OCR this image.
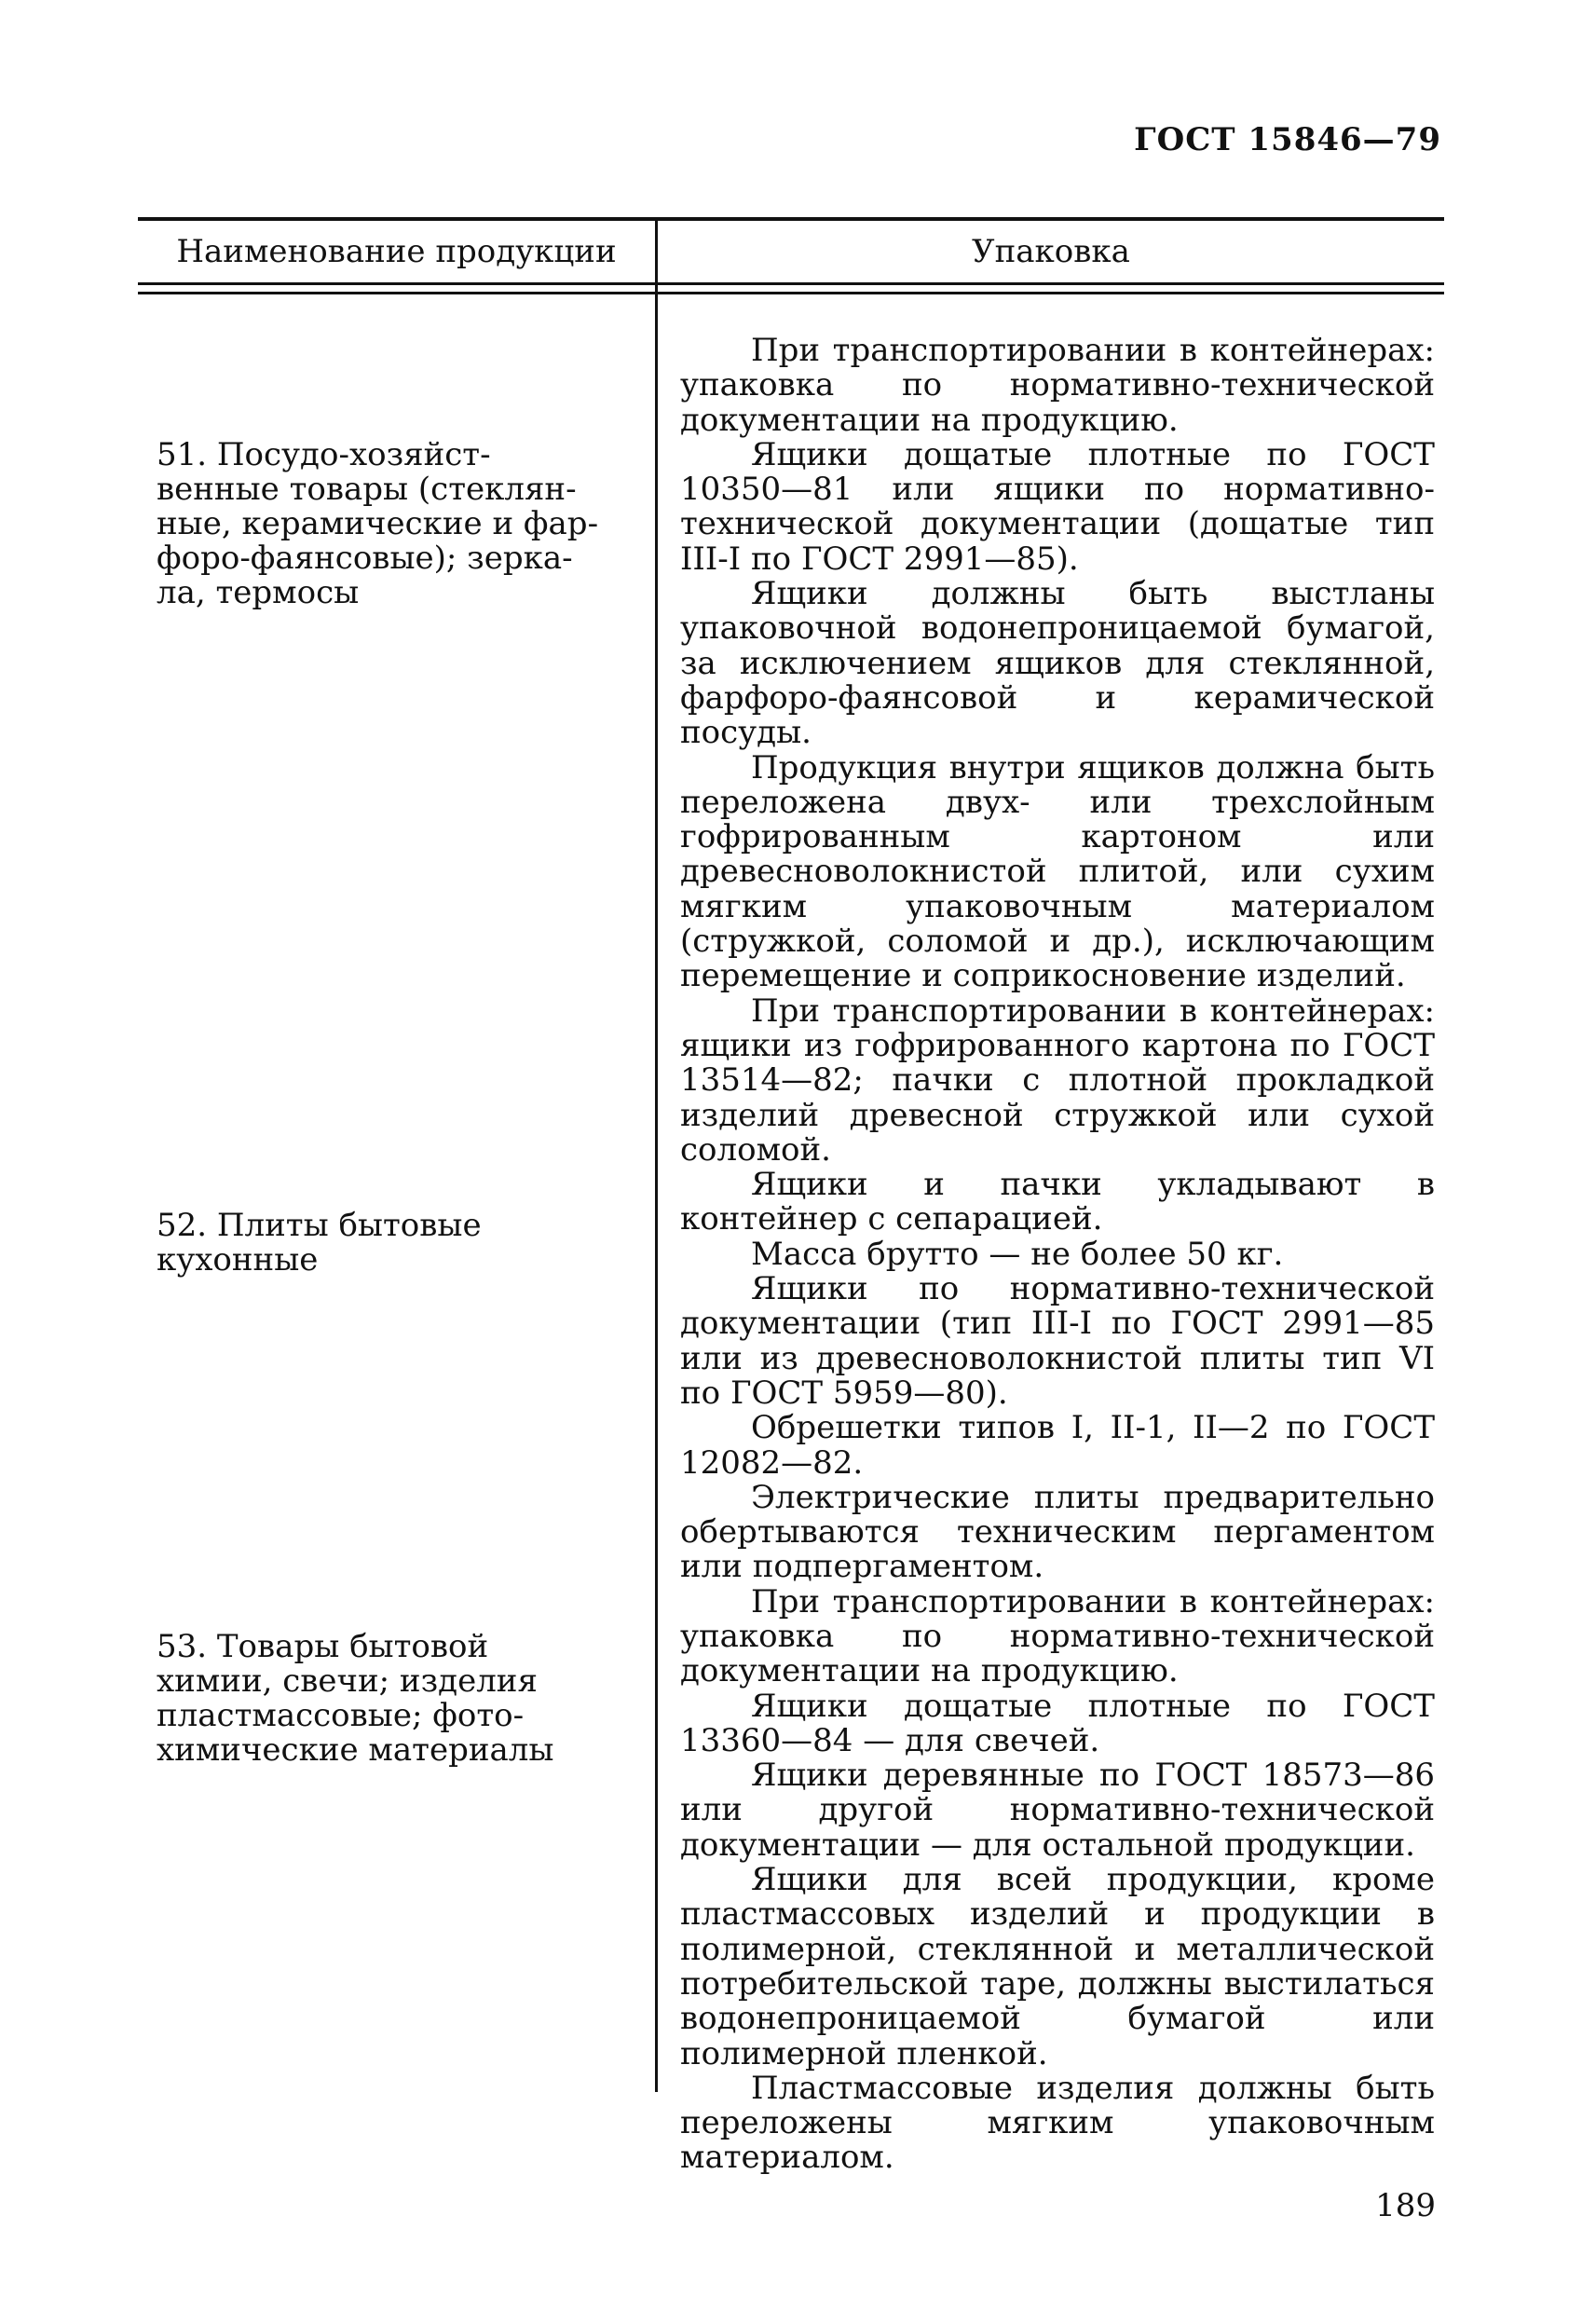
ГОСТ 15846—79
Наименование продукции	Упаковка
51. Посудо-хозяйст-
венные товары (стеклян-
ные, керамические и фар-
форо-фаянсовые); зерка-
ла, термосы
52. Плиты бытовые
кухонные
53. Товары бытовой
химии, свечи; изделия
пластмассовые; фото-
химические материалы

При транспортировании в контейнерах: упаковка по нормативно-технической документации на продукцию.

Ящики дощатые плотные по ГОСТ 10350—81 или ящики по нормативно-технической документации (дощатые тип III-I по ГОСТ 2991—85).

Ящики должны быть выстланы упаковочной водонепроницаемой бумагой, за исключением ящиков для стеклянной, фарфоро-фаянсовой и керамической посуды.

Продукция внутри ящиков должна быть переложена двух- или трехслойным гофрированным картоном или древесноволокнистой плитой, или сухим мягким упаковочным материалом (стружкой, соломой и др.), исключающим перемещение и соприкосновение изделий.

При транспортировании в контейнерах: ящики из гофрированного картона по ГОСТ 13514—82; пачки с плотной прокладкой изделий древесной стружкой или сухой соломой.

Ящики и пачки укладывают в контейнер с сепарацией.

Масса брутто — не более 50 кг.

Ящики по нормативно-технической документации (тип III-I по ГОСТ 2991—85 или из древесноволокнистой плиты тип VI по ГОСТ 5959—80).

Обрешетки типов I, II-1, II—2 по ГОСТ 12082—82.

Электрические плиты предварительно обертываются техническим пергаментом или подпергаментом.

При транспортировании в контейнерах: упаковка по нормативно-технической документации на продукцию.

Ящики дощатые плотные по ГОСТ 13360—84 — для свечей.

Ящики деревянные по ГОСТ 18573—86 или другой нормативно-технической документации — для остальной продукции.

Ящики для всей продукции, кроме пластмассовых изделий и продукции в полимерной, стеклянной и металлической потребительской таре, должны выстилаться водонепроницаемой бумагой или полимерной пленкой.

Пластмассовые изделия должны быть переложены мягким упаковочным материалом.

189
